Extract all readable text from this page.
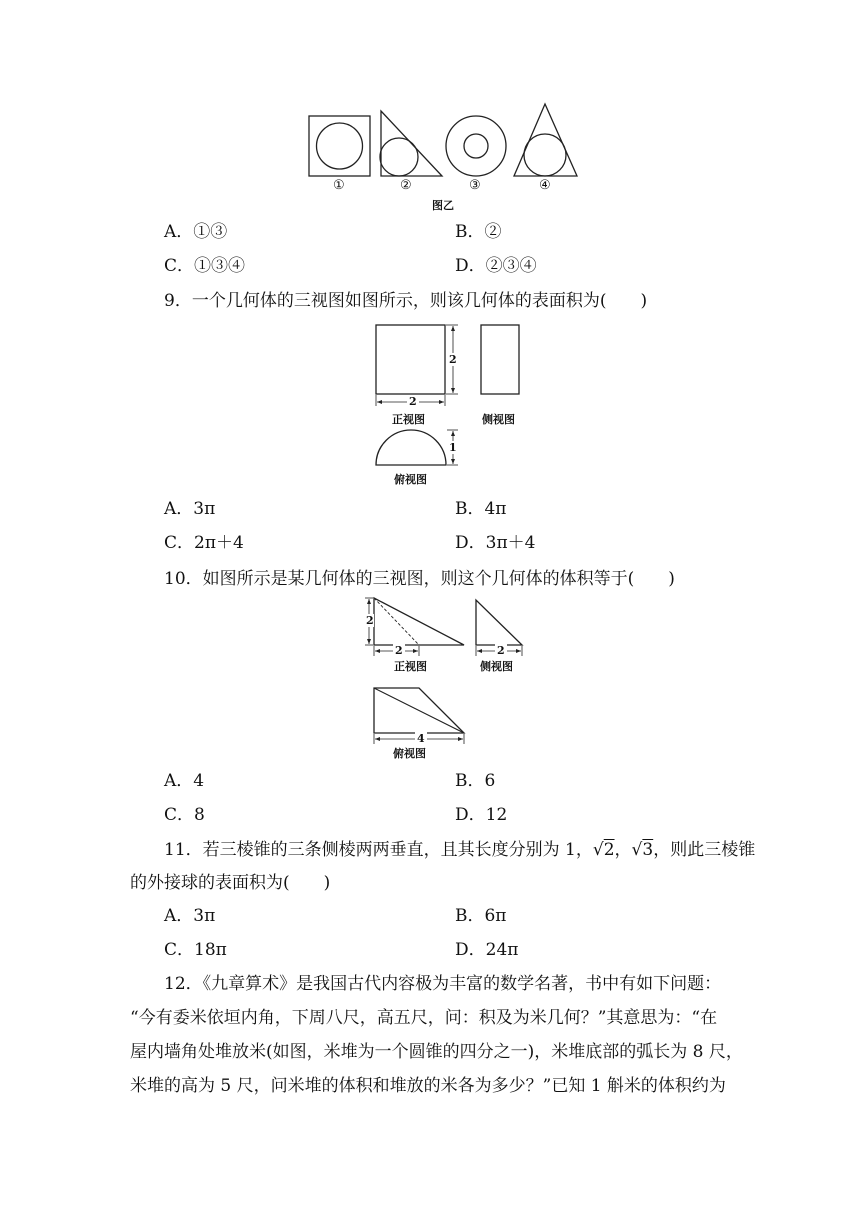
①	②	③	④
图乙
A．①③	B．②
C．①③④	D．②③④
9．一个几何体的三视图如图所示，则该几何体的表面积为(　　)
2
2
1
正视图	侧视图
俯视图
A．3π	B．4π
C．2π＋4	D．3π＋4
10．如图所示是某几何体的三视图，则这个几何体的体积等于(　　)
2
2	2
4
正视图	侧视图
俯视图
A．4	B．6
C．8	D．12
11．若三棱锥的三条侧棱两两垂直，且其长度分别为 1，√2，√3，则此三棱锥
的外接球的表面积为(　　)
A．3π	B．6π
C．18π	D．24π
12．《九章算术》是我国古代内容极为丰富的数学名著，书中有如下问题：
“今有委米依垣内角，下周八尺，高五尺，问：积及为米几何？”其意思为：“在
屋内墙角处堆放米(如图，米堆为一个圆锥的四分之一)，米堆底部的弧长为 8 尺，
米堆的高为 5 尺，问米堆的体积和堆放的米各为多少？”已知 1 斛米的体积约为
